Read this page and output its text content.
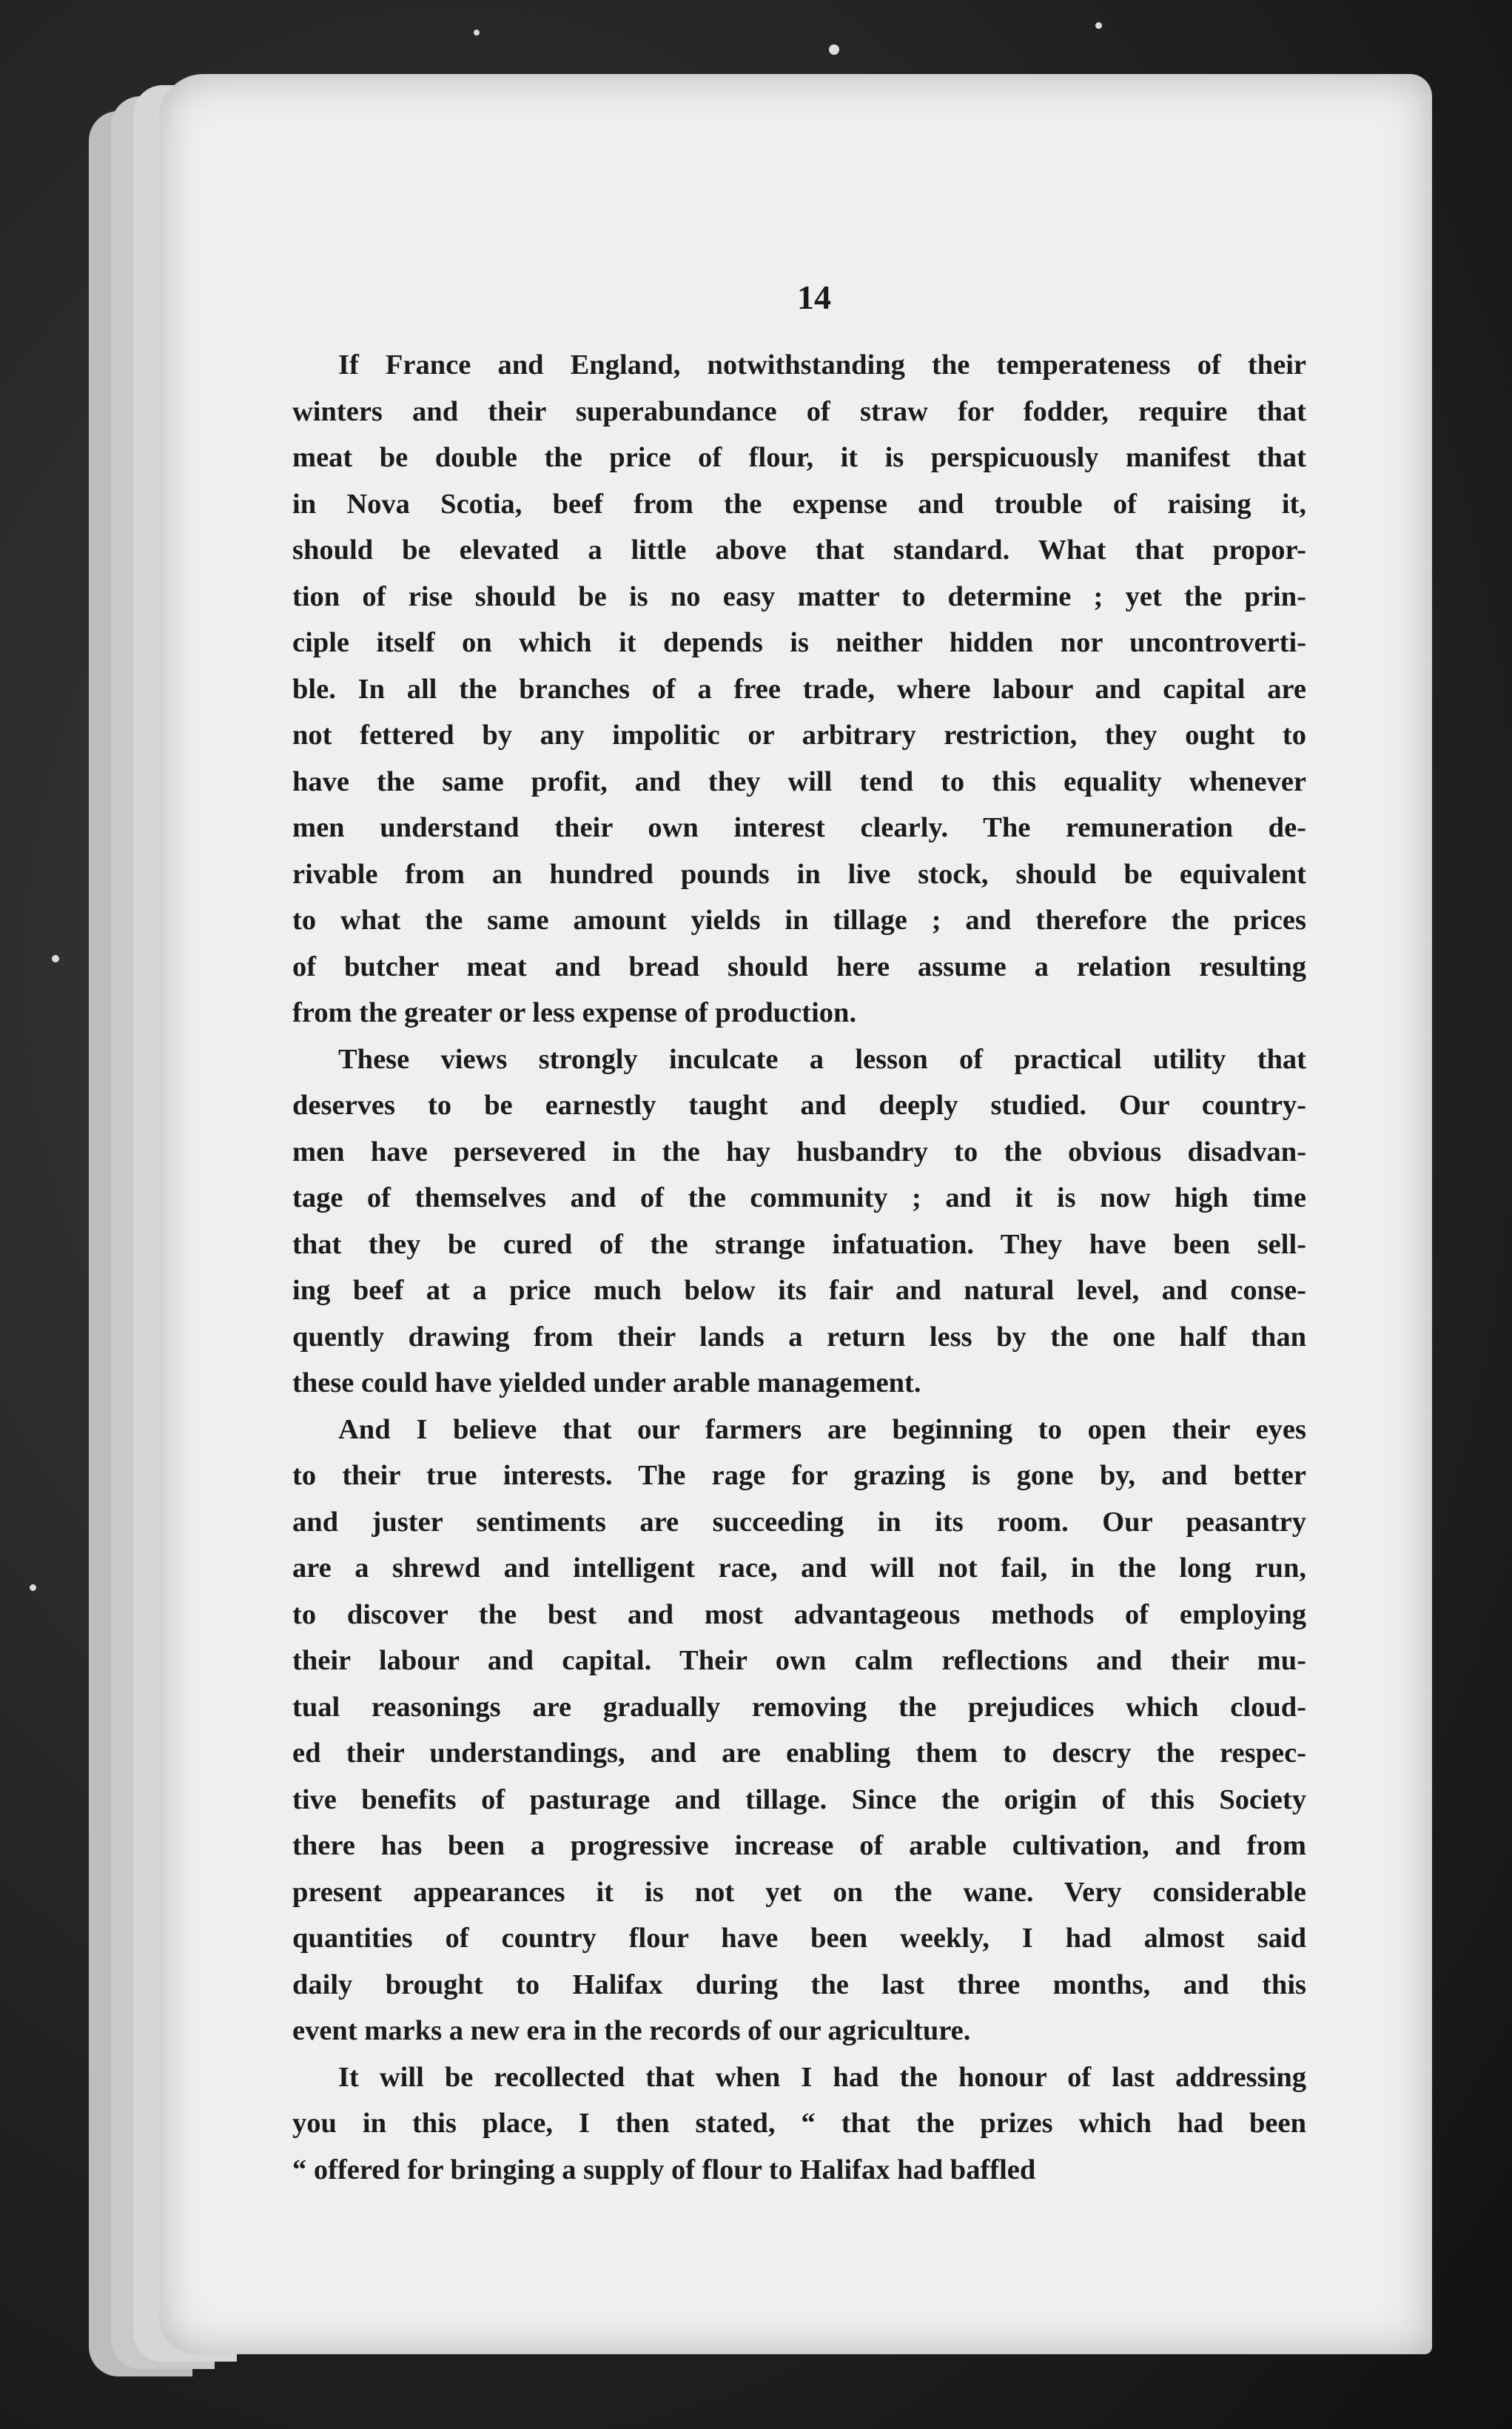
14
If France and England, notwithstanding the temperateness of their
winters and their superabundance of straw for fodder, require that
meat be double the price of flour, it is perspicuously manifest that
in Nova Scotia, beef from the expense and trouble of raising it,
should be elevated a little above that standard. What that propor-
tion of rise should be is no easy matter to determine ; yet the prin-
ciple itself on which it depends is neither hidden nor uncontroverti-
ble. In all the branches of a free trade, where labour and capital are
not fettered by any impolitic or arbitrary restriction, they ought to
have the same profit, and they will tend to this equality whenever
men understand their own interest clearly. The remuneration de-
rivable from an hundred pounds in live stock, should be equivalent
to what the same amount yields in tillage ; and therefore the prices
of butcher meat and bread should here assume a relation resulting
from the greater or less expense of production.
These views strongly inculcate a lesson of practical utility that
deserves to be earnestly taught and deeply studied. Our country-
men have persevered in the hay husbandry to the obvious disadvan-
tage of themselves and of the community ; and it is now high time
that they be cured of the strange infatuation. They have been sell-
ing beef at a price much below its fair and natural level, and conse-
quently drawing from their lands a return less by the one half than
these could have yielded under arable management.
And I believe that our farmers are beginning to open their eyes
to their true interests. The rage for grazing is gone by, and better
and juster sentiments are succeeding in its room. Our peasantry
are a shrewd and intelligent race, and will not fail, in the long run,
to discover the best and most advantageous methods of employing
their labour and capital. Their own calm reflections and their mu-
tual reasonings are gradually removing the prejudices which cloud-
ed their understandings, and are enabling them to descry the respec-
tive benefits of pasturage and tillage. Since the origin of this Society
there has been a progressive increase of arable cultivation, and from
present appearances it is not yet on the wane. Very considerable
quantities of country flour have been weekly, I had almost said
daily brought to Halifax during the last three months, and this
event marks a new era in the records of our agriculture.
It will be recollected that when I had the honour of last addressing
you in this place, I then stated, “ that the prizes which had been
“ offered for bringing a supply of flour to Halifax had baffled
